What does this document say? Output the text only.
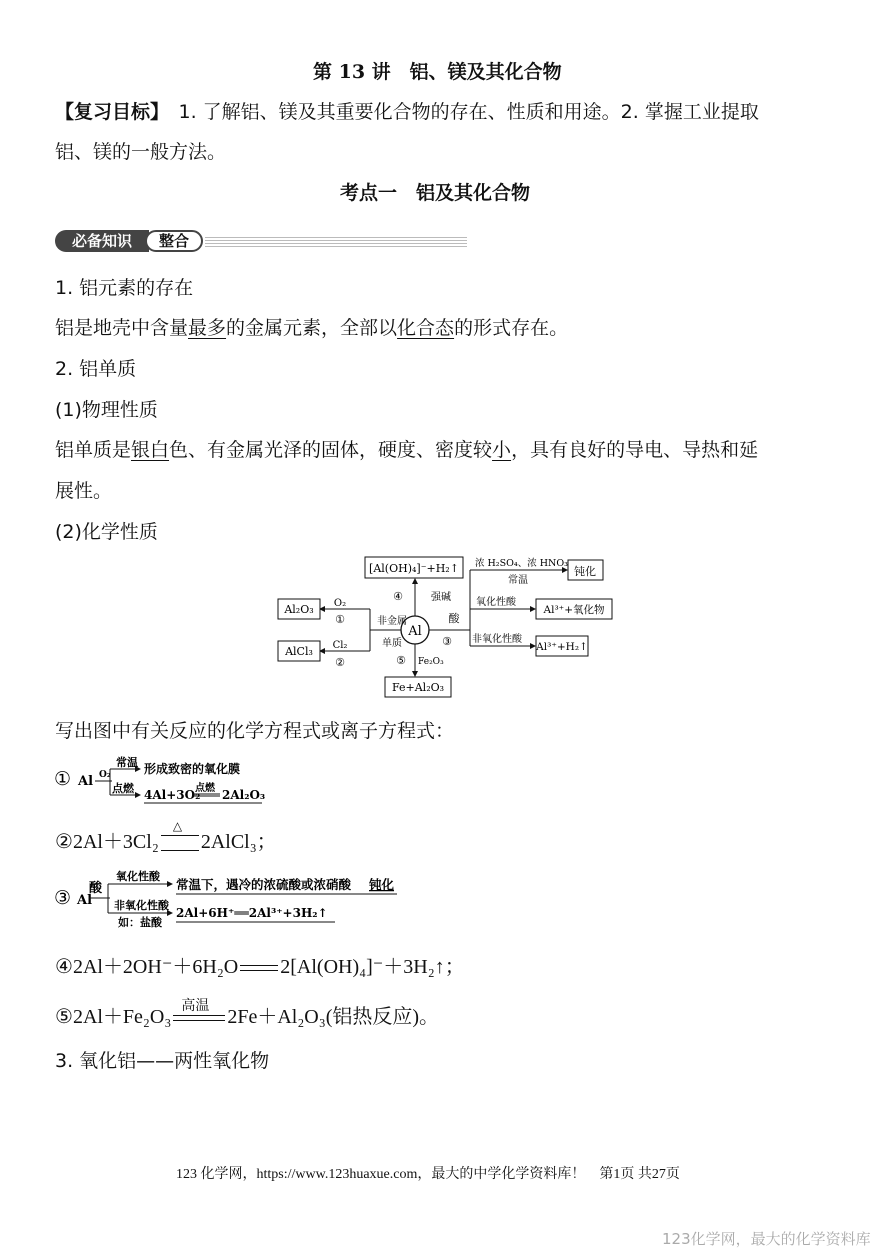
第 13 讲　铝、镁及其化合物
【复习目标】　1. 了解铝、镁及其重要化合物的存在、性质和用途。2. 掌握工业提取
铝、镁的一般方法。
考点一　铝及其化合物
必备知识	整合
1. 铝元素的存在
铝是地壳中含量最多的金属元素，全部以化合态的形式存在。
2. 铝单质
(1)物理性质
铝单质是银白色、有金属光泽的固体，硬度、密度较小，具有良好的导电、导热和延
展性。
(2)化学性质
Al
[Al(OH)₄]⁻+H₂↑
④	强碱
Al₂O₃ O₂
①
AlCl₃ Cl₂
②
非金属
单质
Fe+Al₂O₃
⑤ Fe₂O₃
酸
③
浓 H₂SO₄、浓 HNO₃
常温
钝化
氧化性酸
Al³⁺+氧化物
非氧化性酸
Al³⁺+H₂↑
写出图中有关反应的化学方程式或离子方程式：
① Al O₂
常温
点燃
形成致密的氧化膜
4Al+3O₂
点燃 2Al₂O₃
②2Al＋3Cl₂
△
2AlCl₃；
③ Al
酸
氧化性酸
非氧化性酸
如：盐酸
常温下，遇冷的浓硫酸或浓硝酸 钝化
2Al+6H⁺══2Al³⁺+3H₂↑
④2Al＋2OH⁻＋6H₂O 2[Al(OH)₄]⁻＋3H₂↑；
⑤2Al＋Fe₂O₃ 高温 2Fe＋Al₂O₃(铝热反应)。
3. 氧化铝——两性氧化物
123 化学网，https://www.123huaxue.com，最大的中学化学资料库！　第1页 共27页
123化学网，最大的化学资料库
